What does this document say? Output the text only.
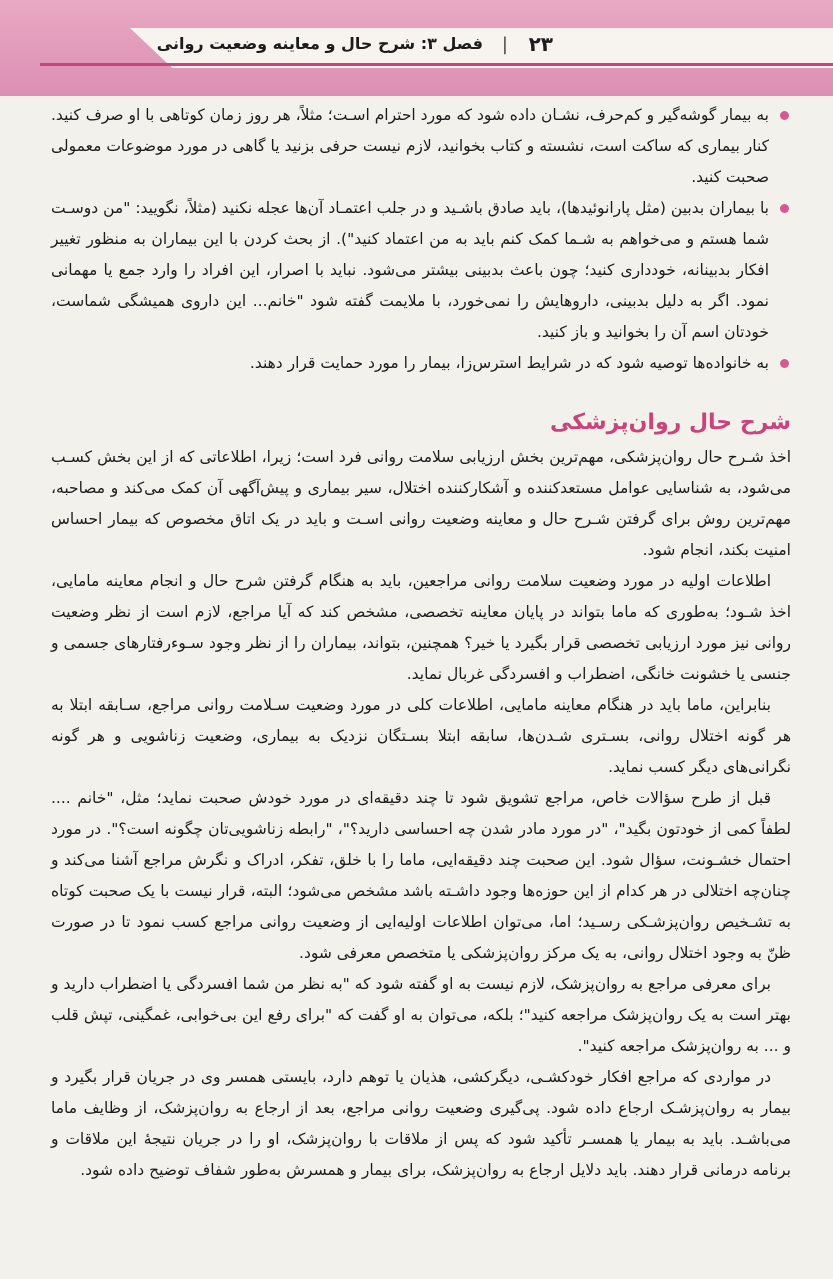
فصل ۳: شرح حال و معاینه وضعیت روانی | ۲۳
به بیمار گوشه‌گیر و کم‌حرف، نشـان داده شود که مورد احترام اسـت؛ مثلاً، هر روز زمان کوتاهی با او صرف کنید. کنار بیماری که ساکت است، نشسته و کتاب بخوانید، لازم نیست حرفی بزنید یا گاهی در مورد موضوعات معمولی صحبت کنید.
با بیماران بدبین (مثل پارانوئیدها)، باید صادق باشـید و در جلب اعتمـاد آن‌ها عجله نکنید (مثلاً، نگویید: "من دوسـت شما هستم و می‌خواهم به شـما کمک کنم باید به من اعتماد کنید"). از بحث کردن با این بیماران به منظور تغییر افکار بدبینانه، خودداری کنید؛ چون باعث بدبینی بیشتر می‌شود. نباید با اصرار، این افراد را وارد جمع یا مهمانی نمود. اگر به دلیل بدبینی، داروهایش را نمی‌خورد، با ملایمت گفته شود "خانم... این داروی همیشگی شماست، خودتان اسم آن را بخوانید و باز کنید.
به خانواده‌ها توصیه شود که در شرایط استرس‌زا، بیمار را مورد حمایت قرار دهند.
شرح حال روان‌پزشکی

اخذ شـرح حال روان‌پزشکی، مهم‌ترین بخش ارزیابی سلامت روانی فرد است؛ زیرا، اطلاعاتی که از این بخش کسـب می‌شود، به شناسایی عوامل مستعدکننده و آشکارکننده اختلال، سیر بیماری و پیش‌آگهی آن کمک می‌کند و مصاحبه، مهم‌ترین روش برای گرفتن شـرح حال و معاینه وضعیت روانی اسـت و باید در یک اتاق مخصوص که بیمار احساس امنیت بکند، انجام شود.

اطلاعات اولیه در مورد وضعیت سلامت روانی مراجعین، باید به هنگام گرفتن شرح حال و انجام معاینه مامایی، اخذ شـود؛ به‌طوری که ماما بتواند در پایان معاینه تخصصی، مشخص کند که آیا مراجع، لازم است از نظر وضعیت روانی نیز مورد ارزیابی تخصصی قرار بگیرد یا خیر؟ همچنین، بتواند، بیماران را از نظر وجود سـوءرفتارهای جسمی و جنسی یا خشونت خانگی، اضطراب و افسردگی غربال نماید.

بنابراین، ماما باید در هنگام معاینه مامایی، اطلاعات کلی در مورد وضعیت سـلامت روانی مراجع، سـابقه ابتلا به هر گونه اختلال روانی، بسـتری شـدن‌ها، سابقه ابتلا بسـتگان نزدیک به بیماری، وضعیت زناشویی و هر گونه نگرانی‌های دیگر کسب نماید.

قبل از طرح سؤالات خاص، مراجع تشویق شود تا چند دقیقه‌ای در مورد خودش صحبت نماید؛ مثل، "خانم .... لطفاً کمی از خودتون بگید"، "در مورد مادر شدن چه احساسی دارید؟"، "رابطه زناشویی‌تان چگونه است؟". در مورد احتمال خشـونت، سؤال شود. این صحبت چند دقیقه‌ایی، ماما را با خلق، تفکر، ادراک و نگرش مراجع آشنا می‌کند و چنان‌چه اختلالی در هر کدام از این حوزه‌ها وجود داشـته باشد مشخص می‌شود؛ البته، قرار نیست با یک صحبت کوتاه به تشـخیص روان‌پزشـکی رسـید؛ اما، می‌توان اطلاعات اولیه‌ایی از وضعیت روانی مراجع کسب نمود تا در صورت ظنّ به وجود اختلال روانی، به یک مرکز روان‌پزشکی یا متخصص معرفی شود.

برای معرفی مراجع به روان‌پزشک، لازم نیست به او گفته شود که "به نظر من شما افسردگی یا اضطراب دارید و بهتر است به یک روان‌پزشک مراجعه کنید"؛ بلکه، می‌توان به او گفت که "برای رفع این بی‌خوابی، غمگینی، تپش قلب و ... به روان‌پزشک مراجعه کنید".

در مواردی که مراجع افکار خودکشـی، دیگرکشی، هذیان یا توهم دارد، بایستی همسر وی در جریان قرار بگیرد و بیمار به روان‌پزشـک ارجاع داده شود. پی‌گیری وضعیت روانی مراجع، بعد از ارجاع به روان‌پزشک، از وظایف ماما می‌باشـد. باید به بیمار یا همسـر تأکید شود که پس از ملاقات با روان‌پزشک، او را در جریان نتیجهٔ این ملاقات و برنامه درمانی قرار دهند. باید دلایل ارجاع به روان‌پزشک، برای بیمار و همسرش به‌طور شفاف توضیح داده شود.
